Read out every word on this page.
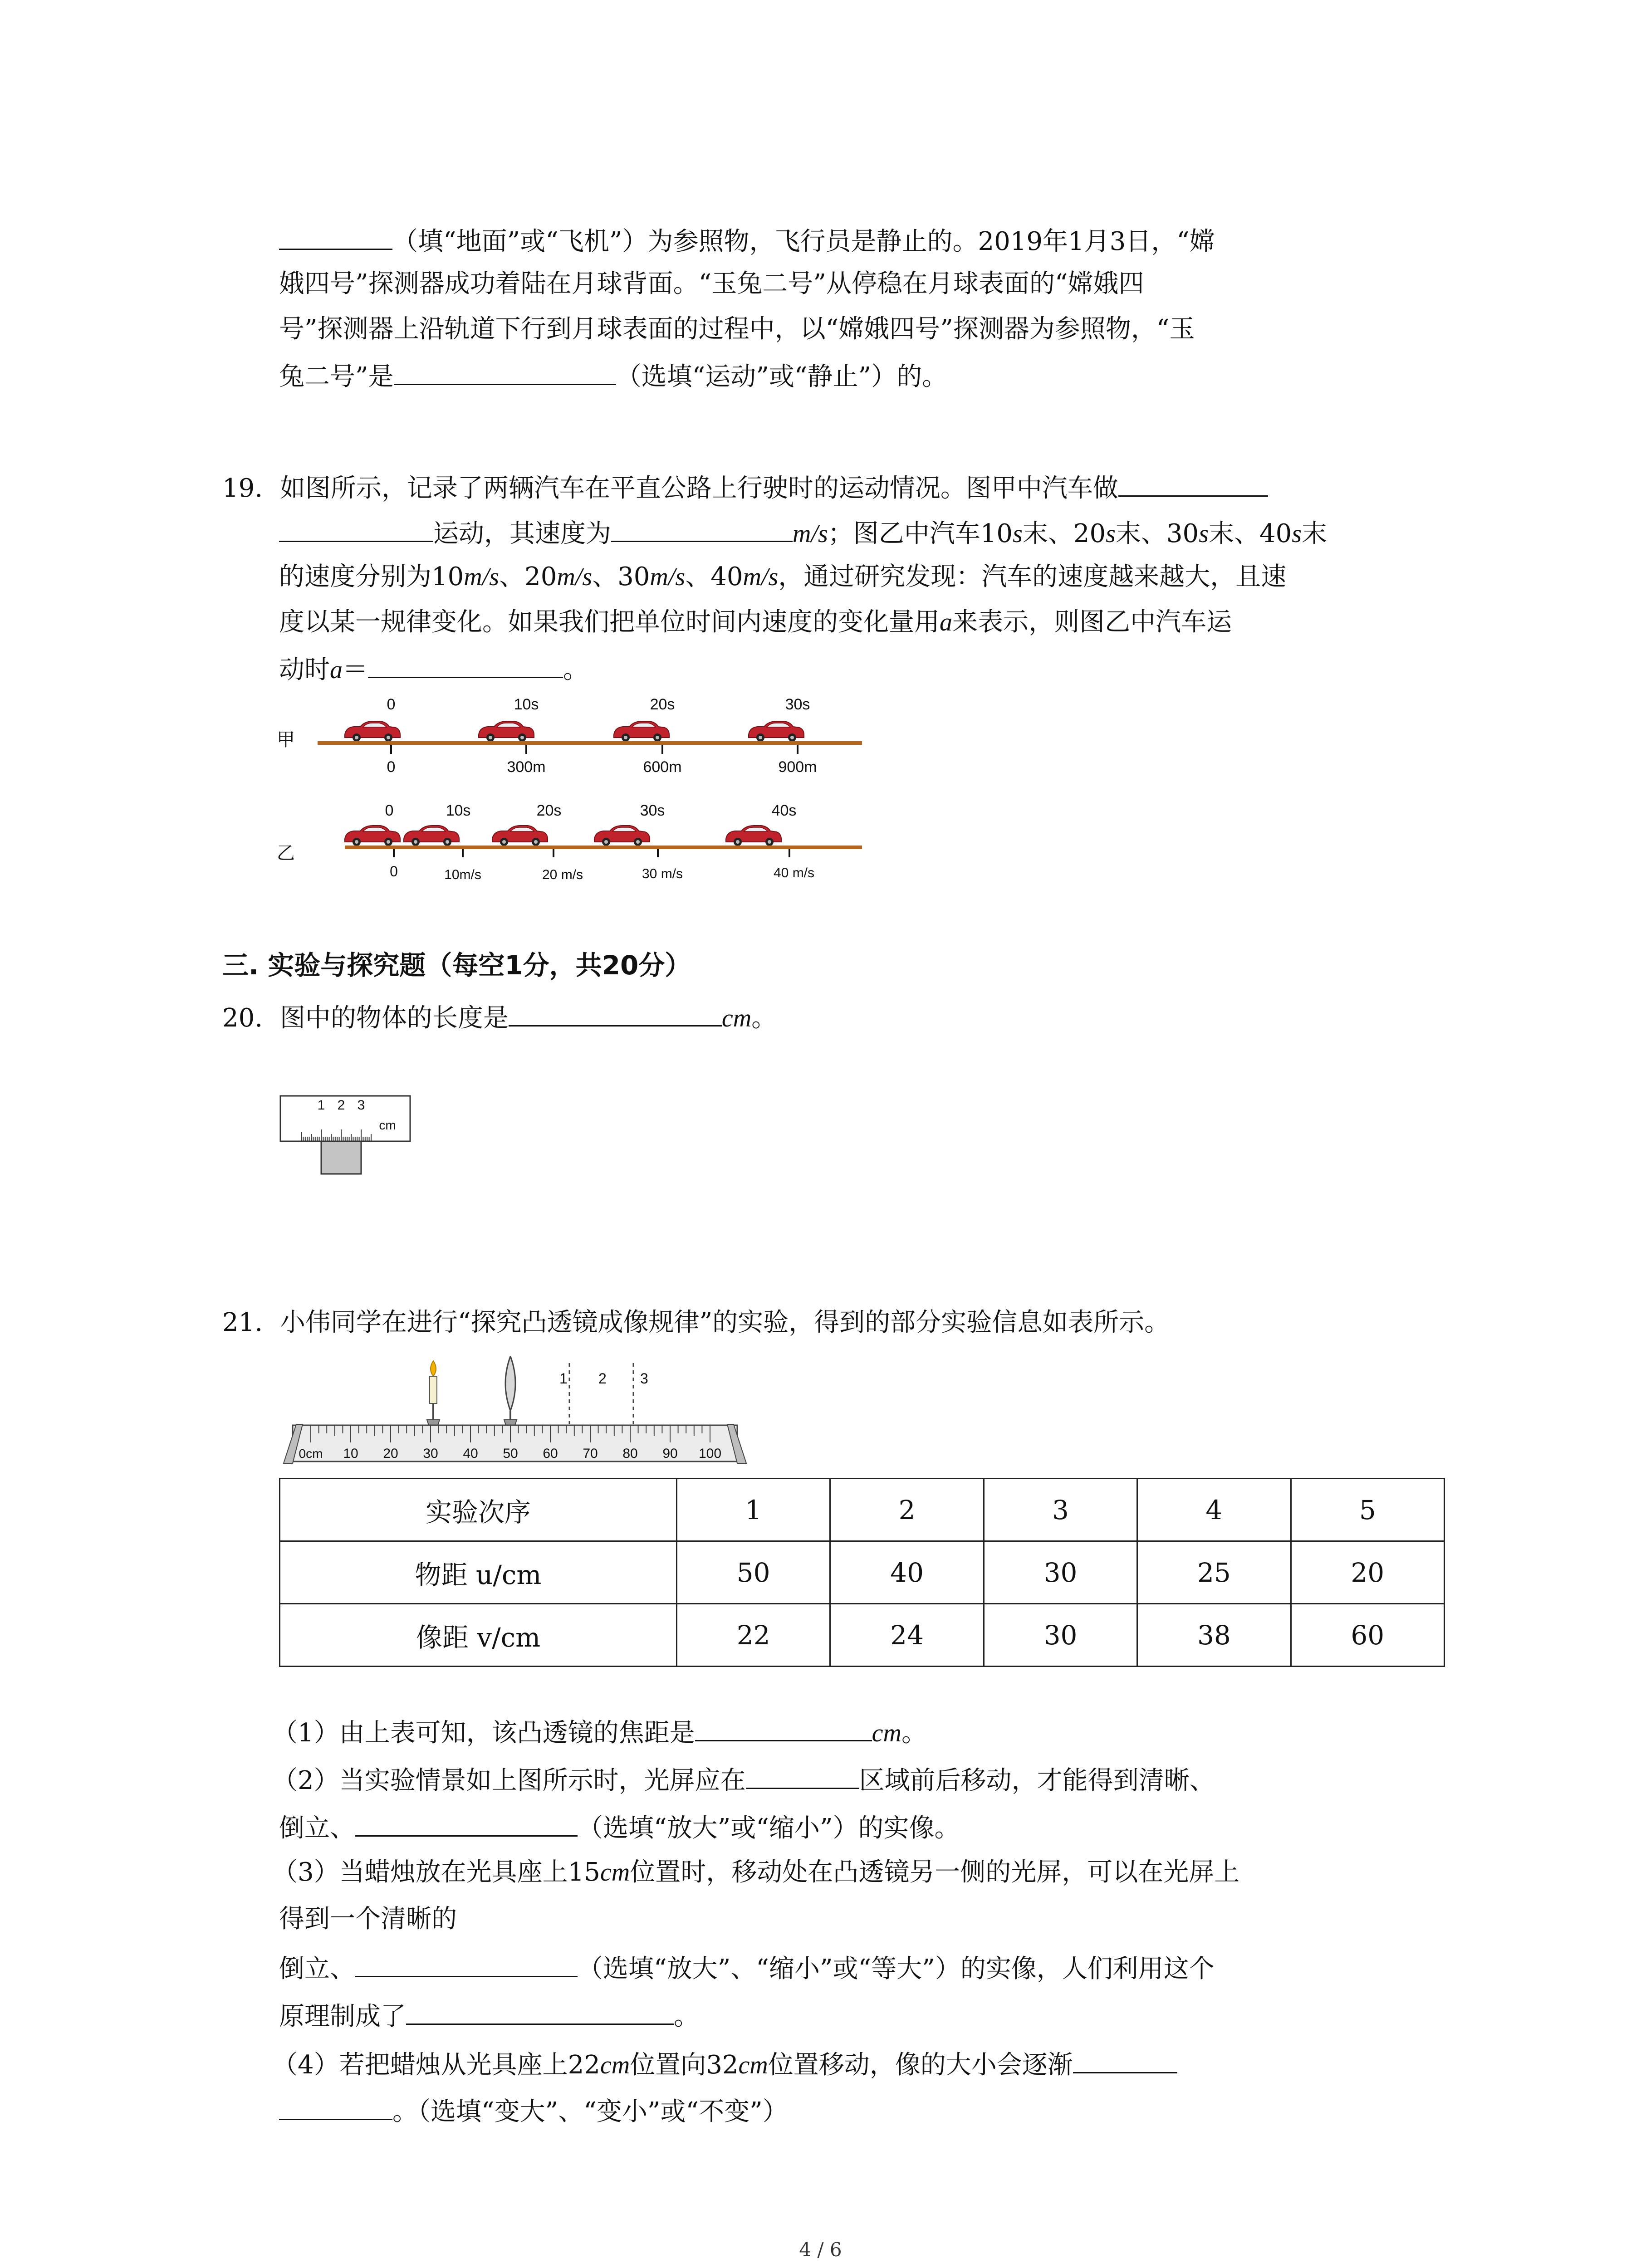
（填“地面”或“飞机”）为参照物，飞行员是静止的。2019年1月3日，“嫦
娥四号”探测器成功着陆在月球背面。“玉兔二号”从停稳在月球表面的“嫦娥四
号”探测器上沿轨道下行到月球表面的过程中，以“嫦娥四号”探测器为参照物，“玉
兔二号”是	（选填“运动”或“静止”）的。
19. 如图所示，记录了两辆汽车在平直公路上行驶时的运动情况。图甲中汽车做
运动，其速度为	m/s；图乙中汽车10s末、20s末、30s末、40s末
的速度分别为10m/s、20m/s、30m/s、40m/s，通过研究发现：汽车的速度越来越大，且速
度以某一规律变化。如果我们把单位时间内速度的变化量用a来表示，则图乙中汽车运
动时a＝	。
甲
0	10s	20s	30s
0	300m	600m	900m
乙
0	10s	20s	30s	40s
0	10m/s	20 m/s	30 m/s	40 m/s
三. 实验与探究题（每空1分，共20分）
20. 图中的物体的长度是	cm。
1 2 3
cm
21. 小伟同学在进行“探究凸透镜成像规律”的实验，得到的部分实验信息如表所示。
1 2 3
0cm 10 20 30 40 50 60 70 80 90 100
实验次序	1	2	3	4	5
物距 u/cm	50	40	30	25	20
像距 v/cm	22	24	30	38	60
（1）由上表可知，该凸透镜的焦距是	cm。
（2）当实验情景如上图所示时，光屏应在	区域前后移动，才能得到清晰、
倒立、	（选填“放大”或“缩小”）的实像。
（3）当蜡烛放在光具座上15cm位置时，移动处在凸透镜另一侧的光屏，可以在光屏上
得到一个清晰的
倒立、	（选填“放大”、“缩小”或“等大”）的实像，人们利用这个
原理制成了	。
（4）若把蜡烛从光具座上22cm位置向32cm位置移动，像的大小会逐渐
。（选填“变大”、“变小”或“不变”）
4 / 6
